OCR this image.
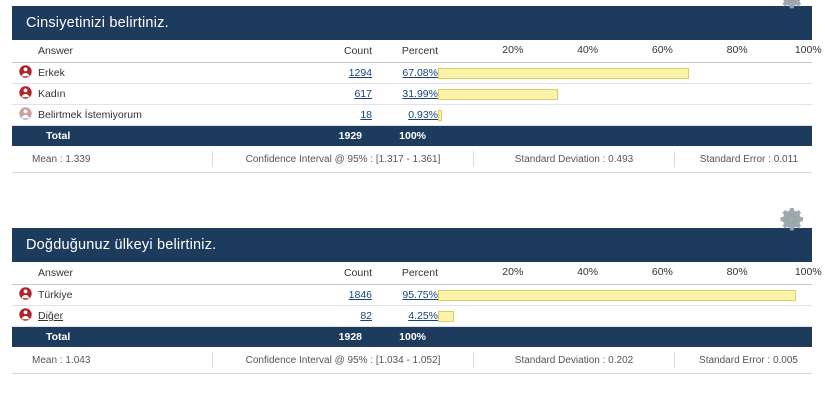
Cinsiyetinizi belirtiniz.
	Answer	Count	Percent	20% 40% 60% 80% 100%

	Erkek	1294	67.08%	

	Kadın	617	31.99%	

	Belirtmek İstemiyorum	18	0.93%	

	Total	1929	100%	
Mean : 1.339	Confidence Interval @ 95% : [1.317 - 1.361]	Standard Deviation : 0.493	Standard Error : 0.011
Doğduğunuz ülkeyi belirtiniz.
	Answer	Count	Percent	20% 40% 60% 80% 100%

	Türkiye	1846	95.75%	

	Diğer	82	4.25%	

	Total	1928	100%	
Mean : 1.043	Confidence Interval @ 95% : [1.034 - 1.052]	Standard Deviation : 0.202	Standard Error : 0.005
